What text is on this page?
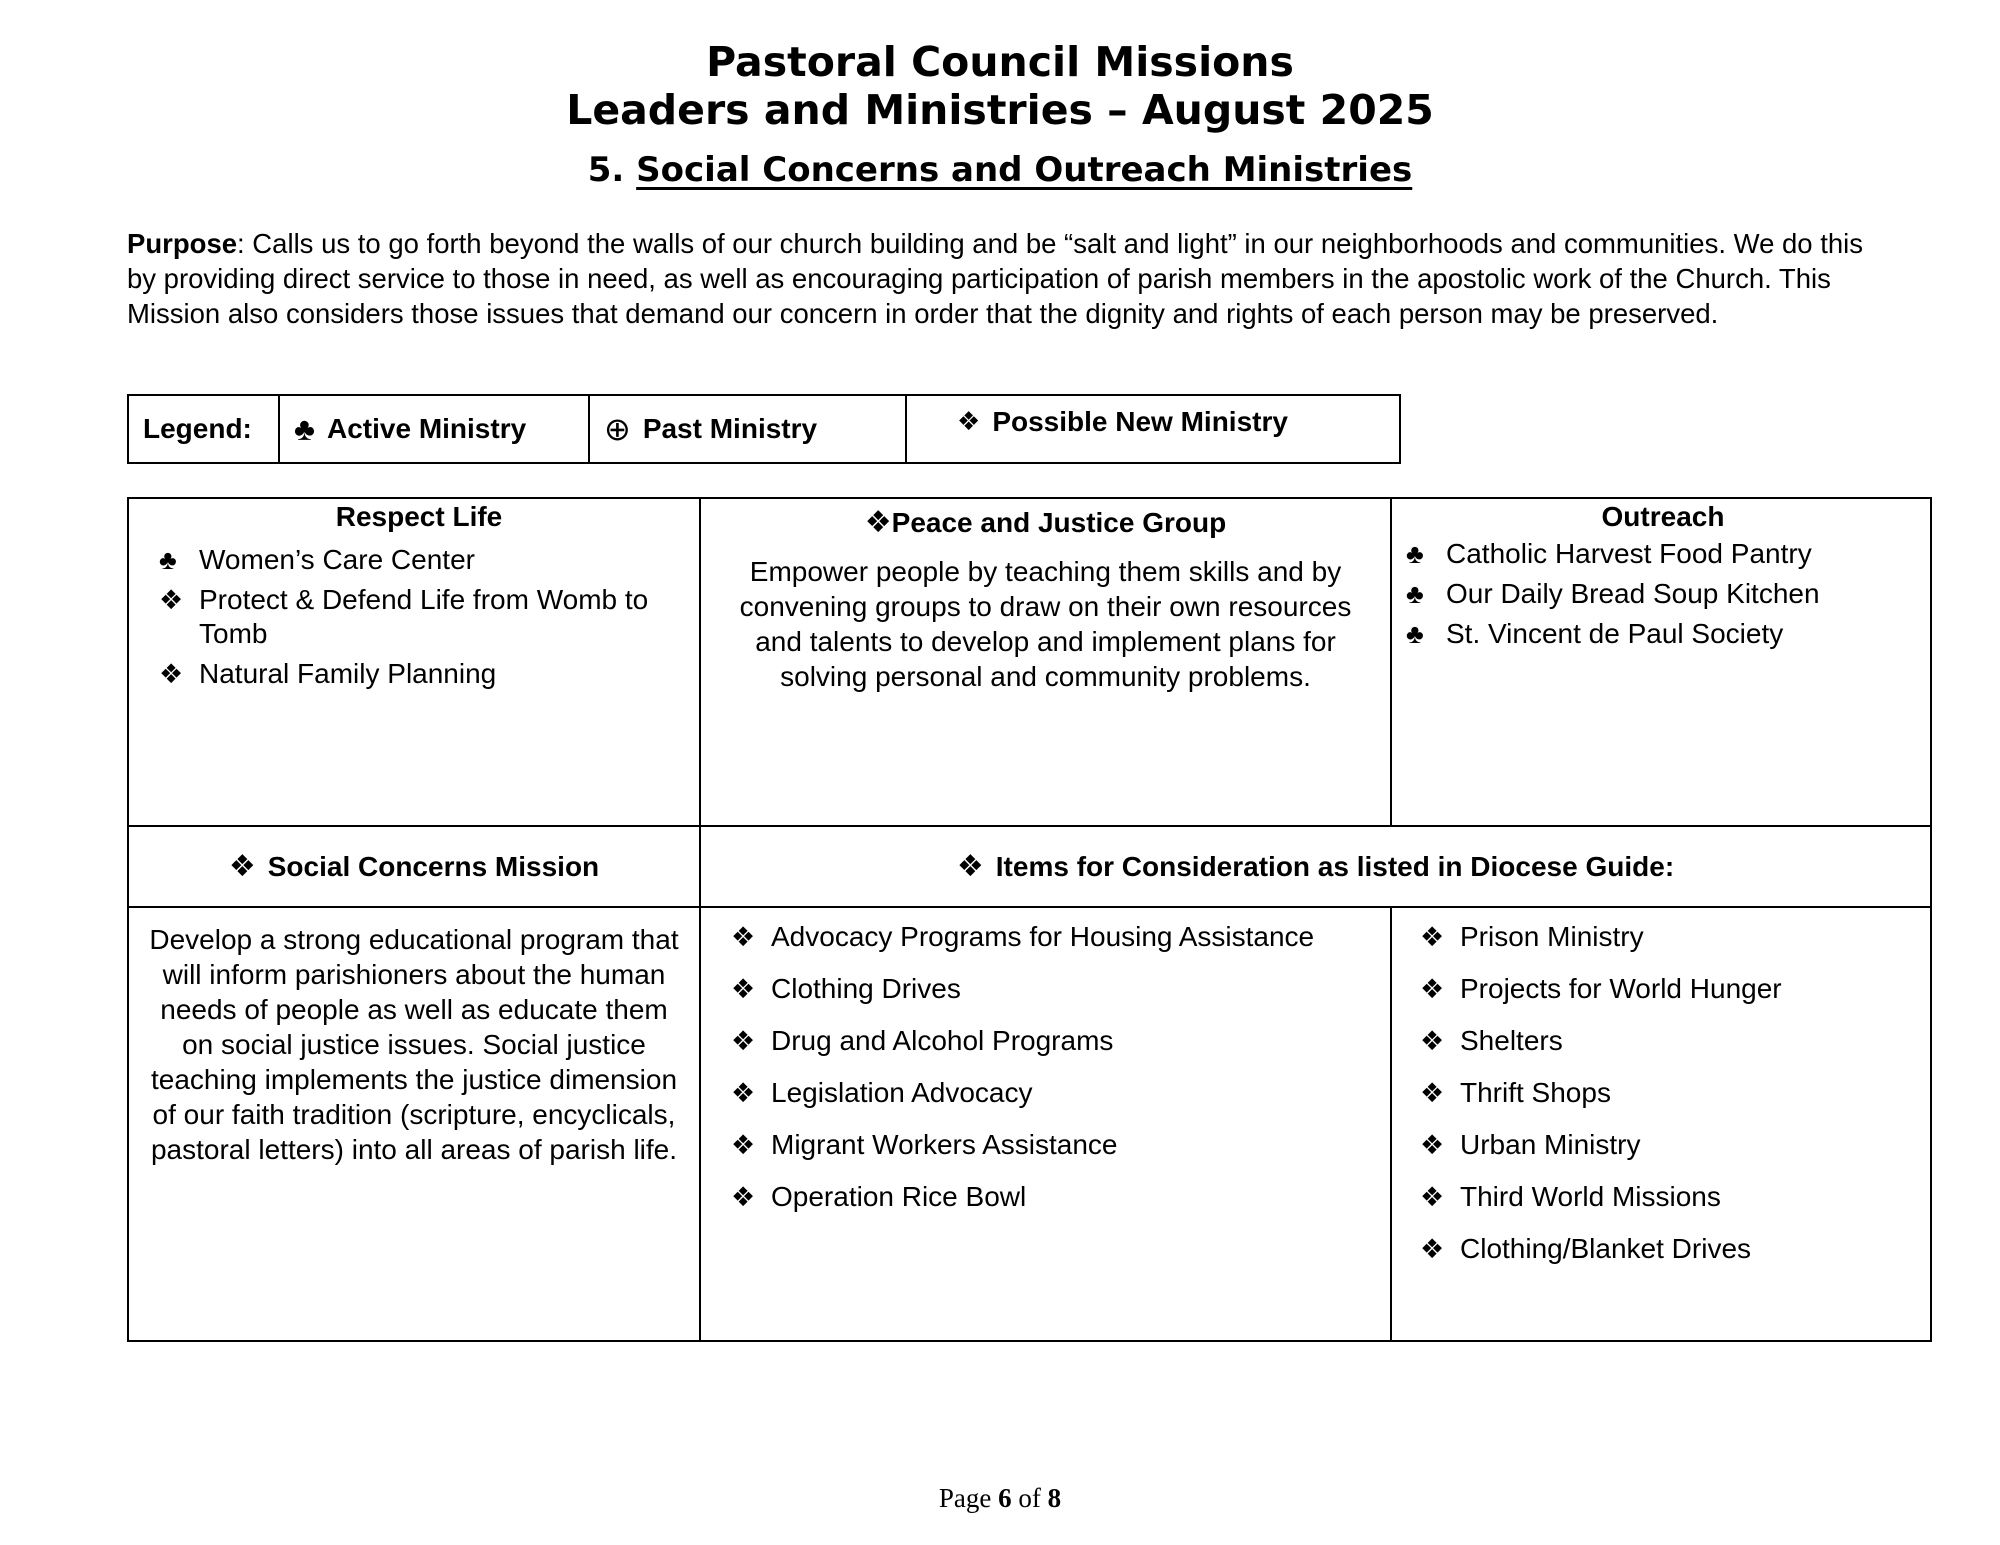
Pastoral Council Missions
Leaders and Ministries – August 2025
5. Social Concerns and Outreach Ministries
Purpose: Calls us to go forth beyond the walls of our church building and be “salt and light” in our neighborhoods and communities. We do this by providing direct service to those in need, as well as encouraging participation of parish members in the apostolic work of the Church. This Mission also considers those issues that demand our concern in order that the dignity and rights of each person may be preserved.
Legend: ♣ Active Ministry ⊕ Past Ministry	❖ Possible New Ministry
Respect Life
♣ Women’s Care Center
❖ Protect & Defend Life from Womb to Tomb
❖ Natural Family Planning
❖Peace and Justice Group
Empower people by teaching them skills and by convening groups to draw on their own resources and talents to develop and implement plans for solving personal and community problems.
Outreach
♣ Catholic Harvest Food Pantry
♣ Our Daily Bread Soup Kitchen
♣ St. Vincent de Paul Society
❖ Social Concerns Mission	❖ Items for Consideration as listed in Diocese Guide:
Develop a strong educational program that will inform parishioners about the human needs of people as well as educate them on social justice issues. Social justice teaching implements the justice dimension of our faith tradition (scripture, encyclicals, pastoral letters) into all areas of parish life.
❖ Advocacy Programs for Housing Assistance
❖ Clothing Drives
❖ Drug and Alcohol Programs
❖ Legislation Advocacy
❖ Migrant Workers Assistance
❖ Operation Rice Bowl
❖ Prison Ministry
❖ Projects for World Hunger
❖ Shelters
❖ Thrift Shops
❖ Urban Ministry
❖ Third World Missions
❖ Clothing/Blanket Drives
Page 6 of 8
